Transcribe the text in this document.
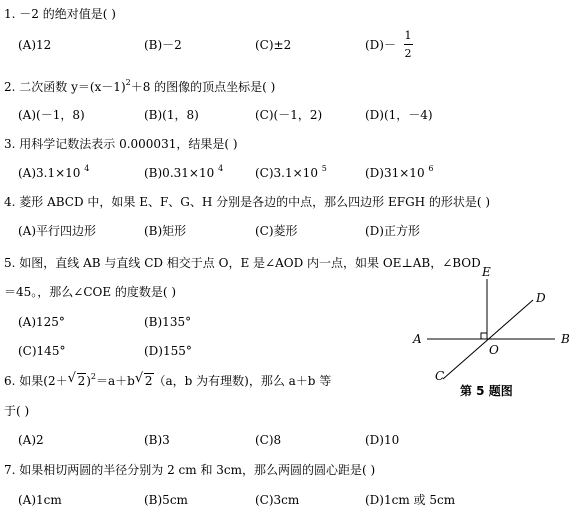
1. －2 的绝对值是( )
(A)12	(B)－2	(C)±2	(D)－
1
2
2. 二次函数 $y=(x-1)^2+8$ 的图像的顶点坐标是( )
(A)(－1，8)	(B)(1，8)	(C)(－1，2)	(D)(1，－4)
3. 用科学记数法表示 0.000031，结果是( )
(A)3.1×10 $^4$	(B)0.31×10 $^4$	(C)3.1×10 $^5$	(D)31×10 $^6$
4. 菱形 ABCD 中，如果 E、F、G、H 分别是各边的中点，那么四边形 EFGH 的形状是( )
(A)平行四边形	(B)矩形	(C)菱形	(D)正方形
5. 如图，直线 AB 与直线 CD 相交于点 O，E 是∠AOD 内一点，如果 OE⊥AB，∠BOD
＝45。，那么∠COE 的度数是( )
(A)125°	(B)135°
(C)145°	(D)155°
A	B
C
D
E
O
第 5 题图
6. 如果(2＋ √ 2)$^2$＝a＋b √ 2（a，b 为有理数)，那么 a＋b 等
于( )
(A)2	(B)3	(C)8	(D)10
7. 如果相切两圆的半径分别为 2 cm 和 3cm，那么两圆的圆心距是( )
(A)1cm	(B)5cm	(C)3cm	(D)1cm 或 5cm
